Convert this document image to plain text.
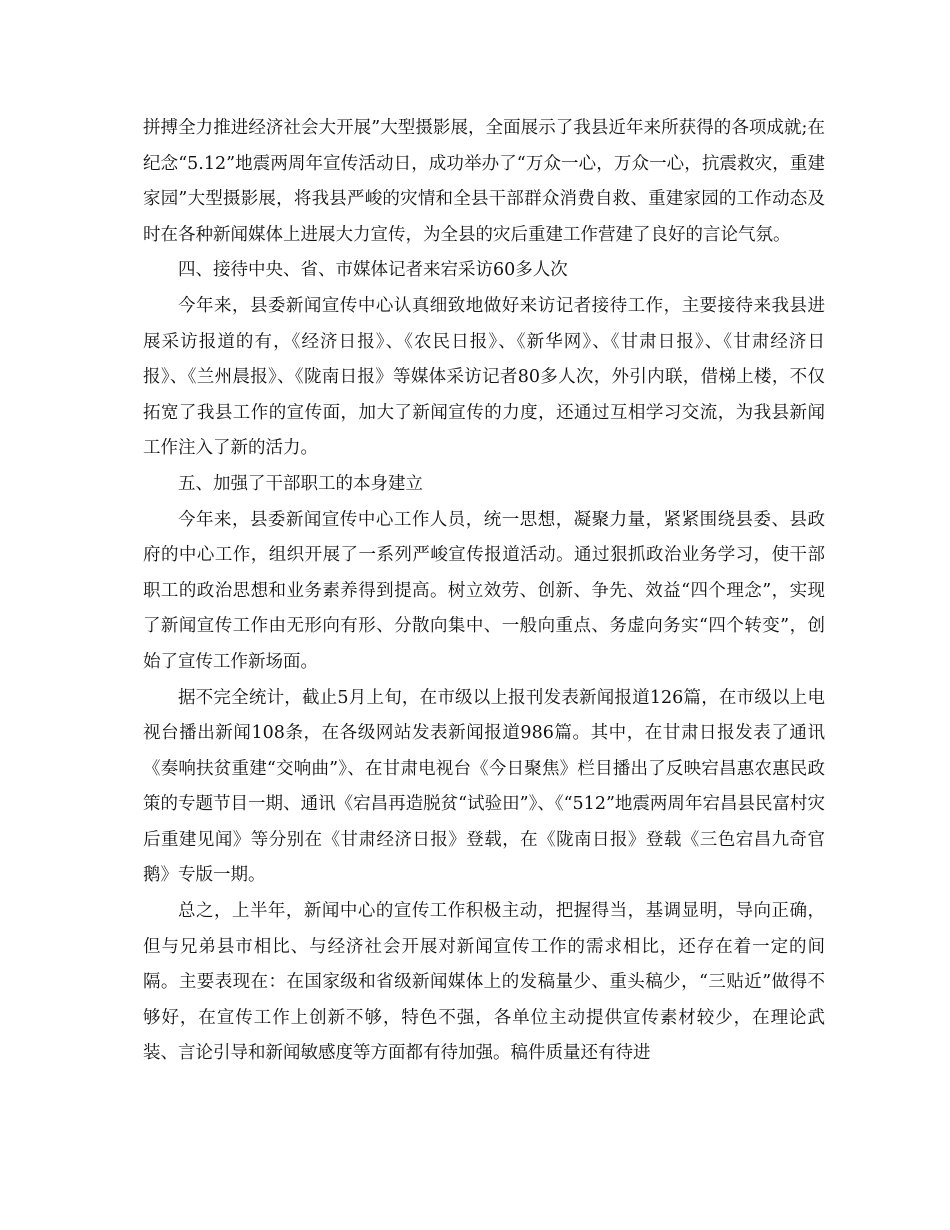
拼搏全力推进经济社会大开展”大型摄影展，全面展示了我县近年来所获得的各项成就;在纪念“5.12”地震两周年宣传活动日，成功举办了“万众一心，万众一心，抗震救灾，重建家园”大型摄影展，将我县严峻的灾情和全县干部群众消费自救、重建家园的工作动态及时在各种新闻媒体上进展大力宣传，为全县的灾后重建工作营建了良好的言论气氛。

四、接待中央、省、市媒体记者来宕采访60多人次

今年来，县委新闻宣传中心认真细致地做好来访记者接待工作，主要接待来我县进展采访报道的有，《经济日报》、《农民日报》、《新华网》、《甘肃日报》、《甘肃经济日报》、《兰州晨报》、《陇南日报》等媒体采访记者80多人次，外引内联，借梯上楼，不仅拓宽了我县工作的宣传面，加大了新闻宣传的力度，还通过互相学习交流，为我县新闻工作注入了新的活力。

五、加强了干部职工的本身建立

今年来，县委新闻宣传中心工作人员，统一思想，凝聚力量，紧紧围绕县委、县政府的中心工作，组织开展了一系列严峻宣传报道活动。通过狠抓政治业务学习，使干部职工的政治思想和业务素养得到提高。树立效劳、创新、争先、效益“四个理念”，实现了新闻宣传工作由无形向有形、分散向集中、一般向重点、务虚向务实“四个转变”，创始了宣传工作新场面。

据不完全统计，截止5月上旬，在市级以上报刊发表新闻报道126篇，在市级以上电视台播出新闻108条，在各级网站发表新闻报道986篇。其中，在甘肃日报发表了通讯《奏响扶贫重建“交响曲”》、在甘肃电视台《今日聚焦》栏目播出了反映宕昌惠农惠民政策的专题节目一期、通讯《宕昌再造脱贫“试验田”》、《“512”地震两周年宕昌县民富村灾后重建见闻》等分别在《甘肃经济日报》登载，在《陇南日报》登载《三色宕昌九奇官鹅》专版一期。

总之，上半年，新闻中心的宣传工作积极主动，把握得当，基调显明，导向正确，但与兄弟县市相比、与经济社会开展对新闻宣传工作的需求相比，还存在着一定的间隔。主要表现在：在国家级和省级新闻媒体上的发稿量少、重头稿少，“三贴近”做得不够好，在宣传工作上创新不够，特色不强，各单位主动提供宣传素材较少，在理论武装、言论引导和新闻敏感度等方面都有待加强。稿件质量还有待进
